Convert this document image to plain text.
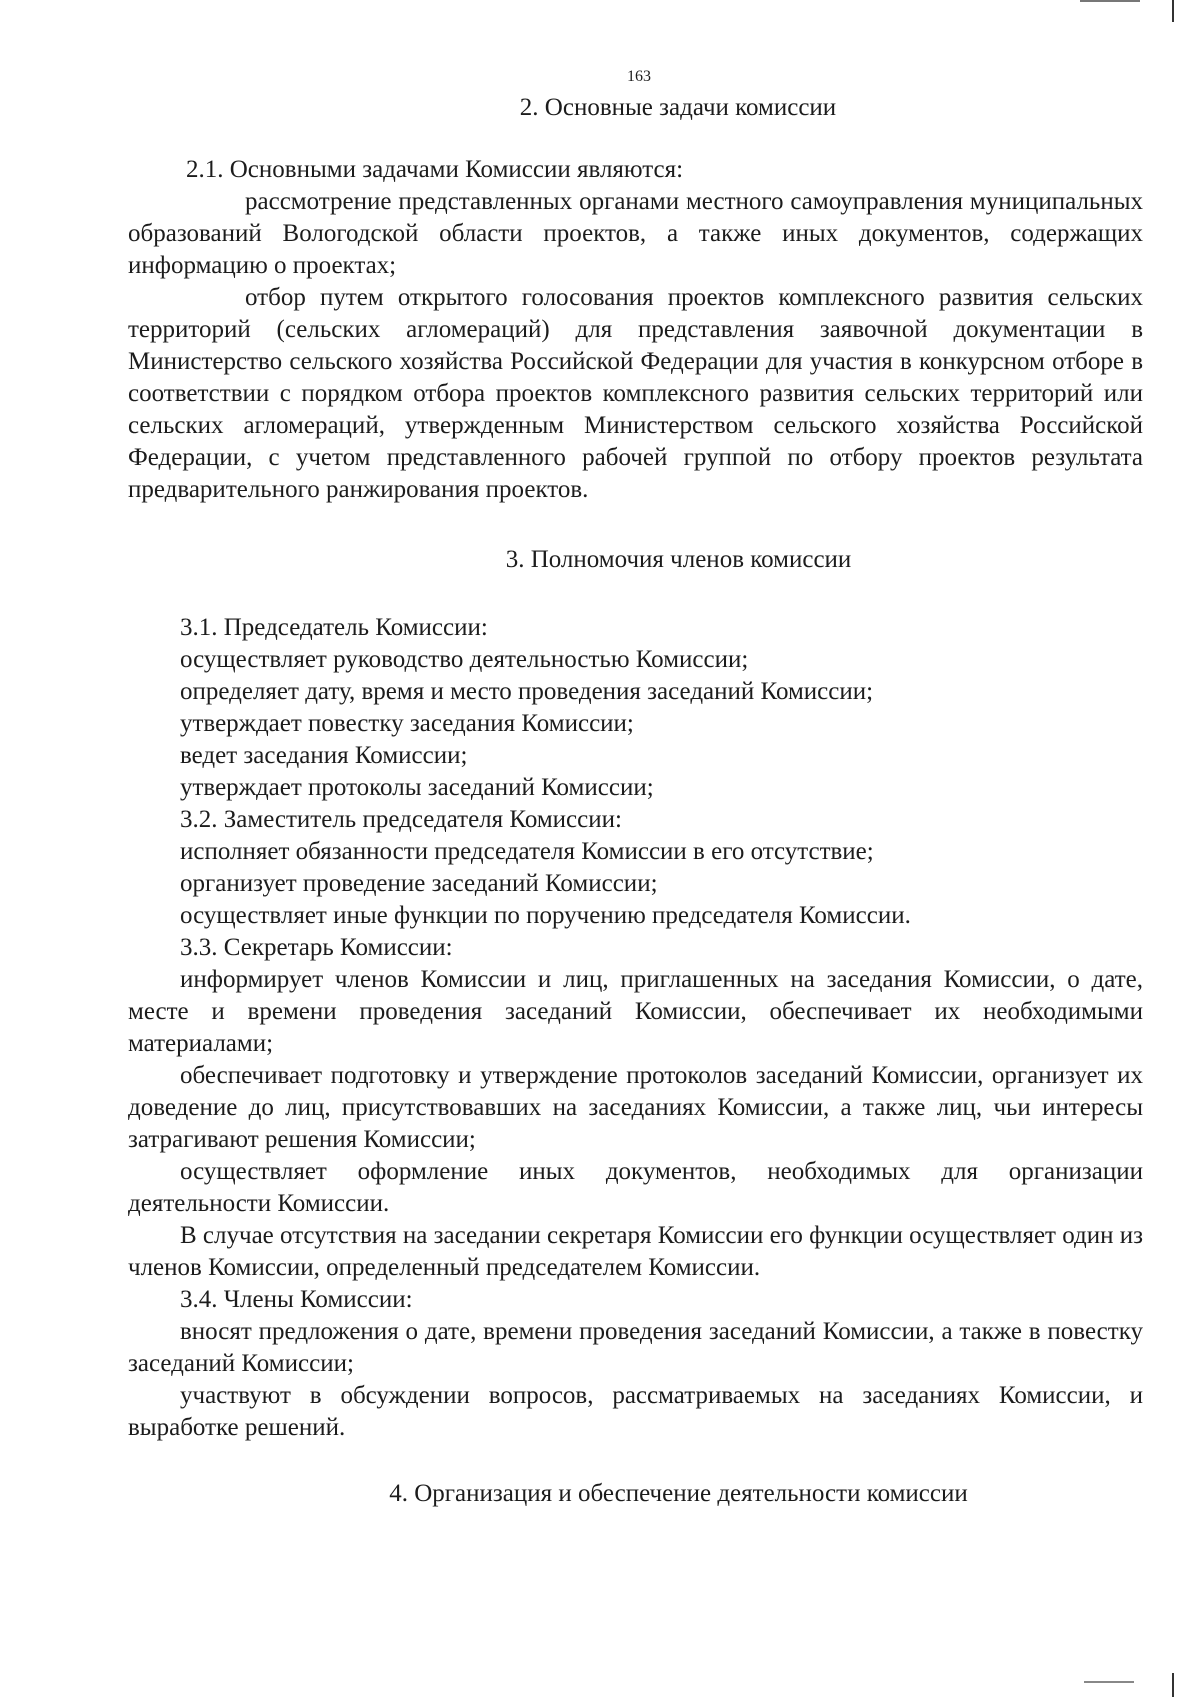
163
2. Основные задачи комиссии

2.1. Основными задачами Комиссии являются:

рассмотрение представленных органами местного самоуправления муниципальных образований Вологодской области проектов, а также иных документов, содержащих информацию о проектах;

отбор путем открытого голосования проектов комплексного развития сельских территорий (сельских агломераций) для представления заявочной документации в Министерство сельского хозяйства Российской Федерации для участия в конкурсном отборе в соответствии с порядком отбора проектов комплексного развития сельских территорий или сельских агломераций, утвержденным Министерством сельского хозяйства Российской Федерации, с учетом представленного рабочей группой по отбору проектов результата предварительного ранжирования проектов.

3. Полномочия членов комиссии

3.1. Председатель Комиссии:

осуществляет руководство деятельностью Комиссии;

определяет дату, время и место проведения заседаний Комиссии;

утверждает повестку заседания Комиссии;

ведет заседания Комиссии;

утверждает протоколы заседаний Комиссии;

3.2. Заместитель председателя Комиссии:

исполняет обязанности председателя Комиссии в его отсутствие;

организует проведение заседаний Комиссии;

осуществляет иные функции по поручению председателя Комиссии.

3.3. Секретарь Комиссии:

информирует членов Комиссии и лиц, приглашенных на заседания Комиссии, о дате, месте и времени проведения заседаний Комиссии, обеспечивает их необходимыми материалами;

обеспечивает подготовку и утверждение протоколов заседаний Комиссии, организует их доведение до лиц, присутствовавших на заседаниях Комиссии, а также лиц, чьи интересы затрагивают решения Комиссии;

осуществляет оформление иных документов, необходимых для организации деятельности Комиссии.

В случае отсутствия на заседании секретаря Комиссии его функции осуществляет один из членов Комиссии, определенный председателем Комиссии.

3.4. Члены Комиссии:

вносят предложения о дате, времени проведения заседаний Комиссии, а также в повестку заседаний Комиссии;

участвуют в обсуждении вопросов, рассматриваемых на заседаниях Комиссии, и выработке решений.

4. Организация и обеспечение деятельности комиссии
